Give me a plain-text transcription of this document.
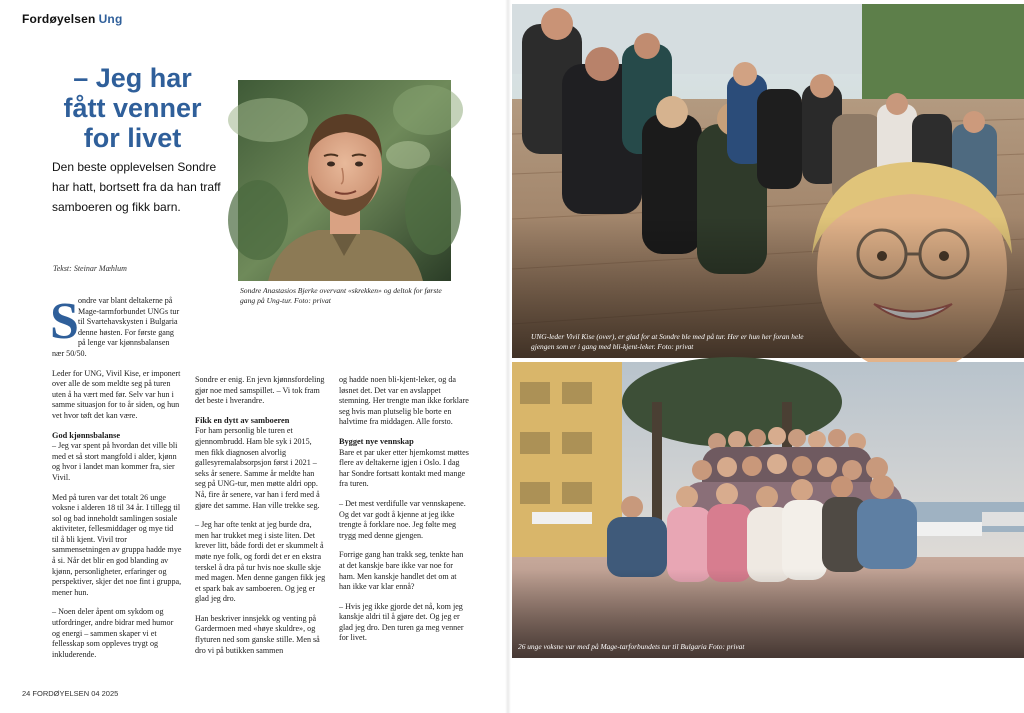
Fordøyelsen Ung
– Jeg har
fått venner
for livet
Den beste opplevelsen Sondre har hatt, bortsett fra da han traff samboeren og fikk barn.
Tekst: Steinar Mæhlum
Sondre Anastasios Bjerke overvant «skrekken» og deltok for første gang på Ung-tur. Foto: privat
S ondre var blant deltakerne på Mage-tarmforbundet UNGs tur til Svartehavskysten i Bulgaria denne høsten. For første gang på lenge var kjønnsbalansen nær 50/50.

Leder for UNG, Vivil Kise, er imponert over alle de som meldte seg på turen uten å ha vært med før. Selv var hun i samme situasjon for to år siden, og hun vet hvor tøft det kan være.

God kjønnsbalanse

– Jeg var spent på hvordan det ville bli med et så stort mangfold i alder, kjønn og hvor i landet man kommer fra, sier Vivil.

Med på turen var det totalt 26 unge voksne i alderen 18 til 34 år. I tillegg til sol og bad inneholdt samlingen sosiale aktiviteter, fellesmiddager og mye tid til å bli kjent. Vivil tror sammensetningen av gruppa hadde mye å si. Når det blir en god blanding av kjønn, personligheter, erfaringer og perspektiver, skjer det noe fint i gruppa, mener hun.

– Noen deler åpent om sykdom og utfordringer, andre bidrar med humor og energi – sammen skaper vi et fellesskap som oppleves trygt og inkluderende.

Sondre er enig. En jevn kjønnsfordeling gjør noe med samspillet. – Vi tok fram det beste i hverandre.

Fikk en dytt av samboeren

For ham personlig ble turen et gjennombrudd. Ham ble syk i 2015, men fikk diagnosen alvorlig gallesyremalabsorpsjon først i 2021 – seks år senere. Samme år meldte han seg på UNG-tur, men møtte aldri opp. Nå, fire år senere, var han i ferd med å gjøre det samme. Han ville trekke seg.

– Jeg har ofte tenkt at jeg burde dra, men har trukket meg i siste liten. Det krever litt, både fordi det er skummelt å møte nye folk, og fordi det er en ekstra terskel å dra på tur hvis noe skulle skje med magen. Men denne gangen fikk jeg et spark bak av samboeren. Og jeg er glad jeg dro.

Han beskriver innsjekk og venting på Gardermoen med «høye skuldre», og flyturen ned som ganske stille. Men så dro vi på butikken sammen

og hadde noen bli-kjent-leker, og da løsnet det. Det var en avslappet stemning. Her trengte man ikke forklare seg hvis man plutselig ble borte en halvtime fra middagen. Alle forsto.

Bygget nye vennskap

Bare et par uker etter hjemkomst møttes flere av deltakerne igjen i Oslo. I dag har Sondre fortsatt kontakt med mange fra turen.

– Det mest verdifulle var vennskapene. Og det var godt å kjenne at jeg ikke trengte å forklare noe. Jeg følte meg trygg med denne gjengen.

Forrige gang han trakk seg, tenkte han at det kanskje bare ikke var noe for ham. Men kanskje handlet det om at han ikke var klar ennå?

– Hvis jeg ikke gjorde det nå, kom jeg kanskje aldri til å gjøre det. Og jeg er glad jeg dro. Den turen ga meg venner for livet.

24 FORDØYELSEN 04 2025
UNG-leder Vivil Kise (over), er glad for at Sondre ble med på tur. Her er hun her foran hele gjengen som er i gang med bli-kjent-leker. Foto: privat
26 unge voksne var med på Mage-tarforbundets tur til Bulgaria Foto: privat
